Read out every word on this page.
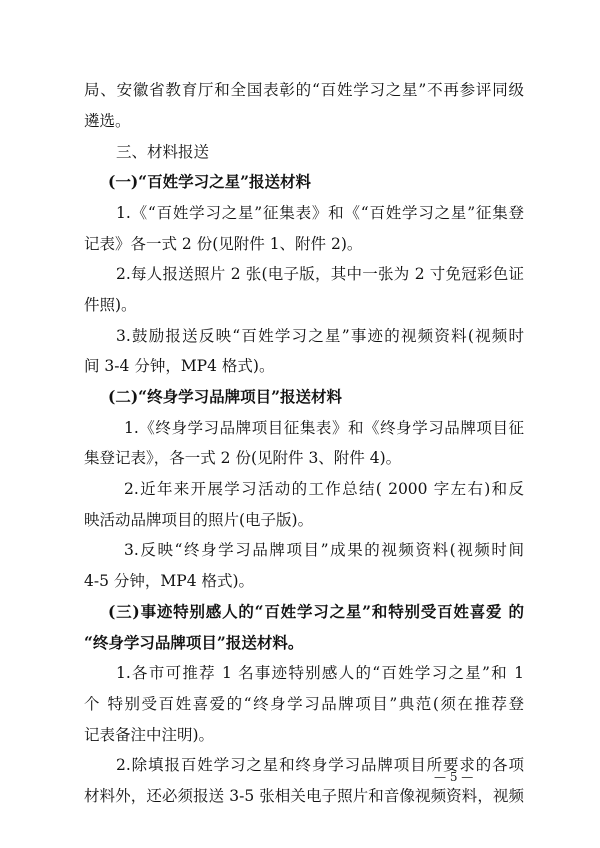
局、安徽省教育厅和全国表彰的“百姓学习之星”不再参评同级
遴选。
三、材料报送
(一)“百姓学习之星”报送材料
1.《“百姓学习之星”征集表》和《“百姓学习之星”征集登
记表》各一式 2 份(见附件 1、附件 2)。
2.每人报送照片 2 张(电子版，其中一张为 2 寸免冠彩色证
件照)。
3.鼓励报送反映“百姓学习之星”事迹的视频资料(视频时
间 3-4 分钟，MP4 格式)。
(二)“终身学习品牌项目”报送材料
1.《终身学习品牌项目征集表》和《终身学习品牌项目征
集登记表》，各一式 2 份(见附件 3、附件 4)。
2.近年来开展学习活动的工作总结( 2000 字左右)和反
映活动品牌项目的照片(电子版)。
3.反映“终身学习品牌项目”成果的视频资料(视频时间
4-5 分钟，MP4 格式)。
(三)事迹特别感人的“百姓学习之星”和特别受百姓喜爱 的
“终身学习品牌项目”报送材料。
1.各市可推荐 1 名事迹特别感人的“百姓学习之星”和 1
个 特别受百姓喜爱的“终身学习品牌项目”典范(须在推荐登
记表备注中注明)。
2.除填报百姓学习之星和终身学习品牌项目所要求的各项
材料外，还必须报送 3-5 张相关电子照片和音像视频资料，视频
— 5 —
